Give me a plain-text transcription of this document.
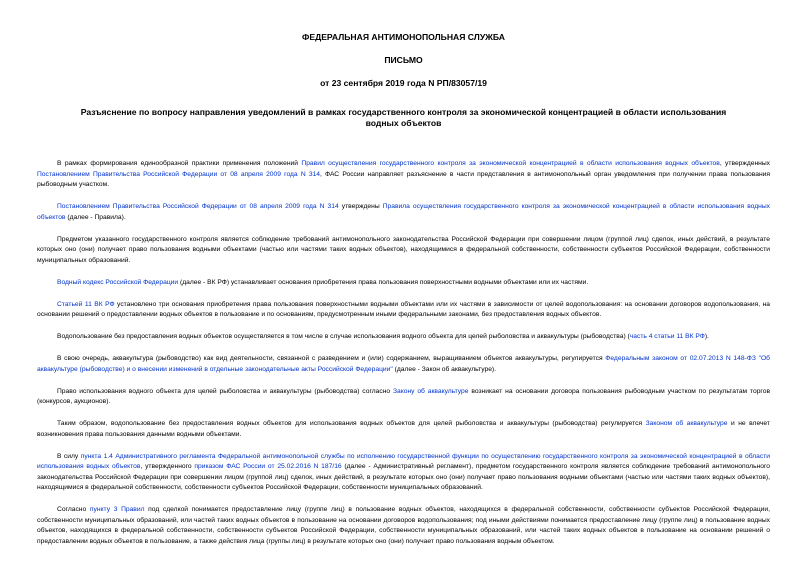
ФЕДЕРАЛЬНАЯ АНТИМОНОПОЛЬНАЯ СЛУЖБА

ПИСЬМО

от 23 сентября 2019 года N РП/83057/19

Разъяснение по вопросу направления уведомлений в рамках государственного контроля за экономической концентрацией в области использования водных объектов

В рамках формирования единообразной практики применения положений Правил осуществления государственного контроля за экономической концентрацией в области использования водных объектов, утвержденных Постановлением Правительства Российской Федерации от 08 апреля 2009 года N 314, ФАС России направляет разъяснение в части представления в антимонопольный орган уведомления при получении права пользования рыбоводным участком.

Постановлением Правительства Российской Федерации от 08 апреля 2009 года N 314 утверждены Правила осуществления государственного контроля за экономической концентрацией в области использования водных объектов (далее - Правила).

Предметом указанного государственного контроля является соблюдение требований антимонопольного законодательства Российской Федерации при совершении лицом (группой лиц) сделок, иных действий, в результате которых оно (они) получает право пользования водными объектами (частью или частями таких водных объектов), находящимися в федеральной собственности, собственности субъектов Российской Федерации, собственности муниципальных образований.

Водный кодекс Российской Федерации (далее - ВК РФ) устанавливает основания приобретения права пользования поверхностными водными объектами или их частями.

Статьей 11 ВК РФ установлено три основания приобретения права пользования поверхностными водными объектами или их частями в зависимости от целей водопользования: на основании договоров водопользования, на основании решений о предоставлении водных объектов в пользование и по основаниям, предусмотренным иными федеральными законами, без предоставления водных объектов.

Водопользование без предоставления водных объектов осуществляется в том числе в случае использования водного объекта для целей рыболовства и аквакультуры (рыбоводства) (часть 4 статьи 11 ВК РФ).

В свою очередь, аквакультура (рыбоводство) как вид деятельности, связанной с разведением и (или) содержанием, выращиванием объектов аквакультуры, регулируется Федеральным законом от 02.07.2013 N 148-ФЗ "Об аквакультуре (рыбоводстве) и о внесении изменений в отдельные законодательные акты Российской Федерации" (далее - Закон об аквакультуре).

Право использования водного объекта для целей рыболовства и аквакультуры (рыбоводства) согласно Закону об аквакультуре возникает на основании договора пользования рыбоводным участком по результатам торгов (конкурсов, аукционов).

Таким образом, водопользование без предоставления водных объектов для использования водных объектов для целей рыболовства и аквакультуры (рыбоводства) регулируется Законом об аквакультуре и не влечет возникновения права пользования данными водными объектами.

В силу пункта 1.4 Административного регламента Федеральной антимонопольной службы по исполнению государственной функции по осуществлению государственного контроля за экономической концентрацией в области использования водных объектов, утвержденного приказом ФАС России от 25.02.2016 N 187/16 (далее - Административный регламент), предметом государственного контроля является соблюдение требований антимонопольного законодательства Российской Федерации при совершении лицом (группой лиц) сделок, иных действий, в результате которых оно (они) получает право пользования водными объектами (частью или частями таких водных объектов), находящимися в федеральной собственности, собственности субъектов Российской Федерации, собственности муниципальных образований.

Согласно пункту 3 Правил под сделкой понимается предоставление лицу (группе лиц) в пользование водных объектов, находящихся в федеральной собственности, собственности субъектов Российской Федерации, собственности муниципальных образований, или частей таких водных объектов в пользование на основании договоров водопользования; под иными действиями понимается предоставление лицу (группе лиц) в пользование водных объектов, находящихся в федеральной собственности, собственности субъектов Российской Федерации, собственности муниципальных образований, или частей таких водных объектов в пользование на основании решений о предоставлении водных объектов в пользование, а также действия лица (группы лиц) в результате которых оно (они) получает право пользования водным объектом.
